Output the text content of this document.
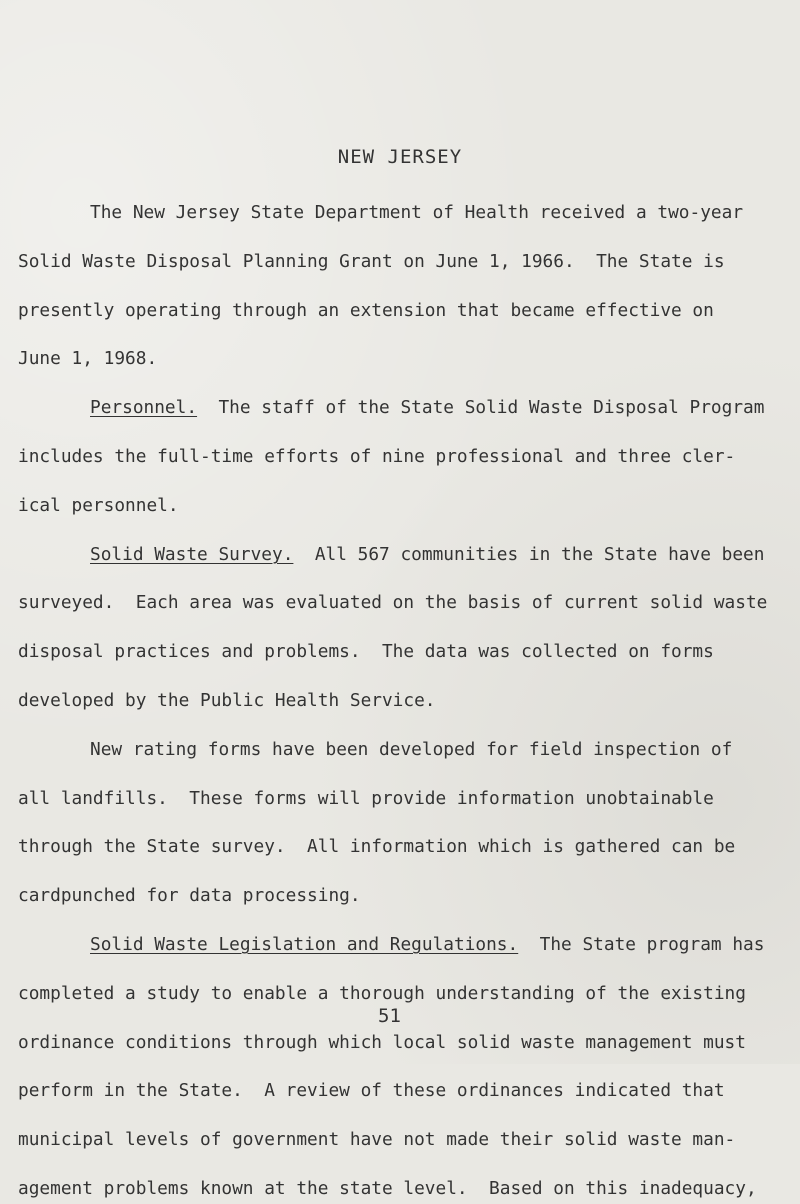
NEW JERSEY
The New Jersey State Department of Health received a two-year
Solid Waste Disposal Planning Grant on June 1, 1966.  The State is
presently operating through an extension that became effective on
June 1, 1968.
Personnel.  The staff of the State Solid Waste Disposal Program
includes the full-time efforts of nine professional and three cler-
ical personnel.
Solid Waste Survey.  All 567 communities in the State have been
surveyed.  Each area was evaluated on the basis of current solid waste
disposal practices and problems.  The data was collected on forms
developed by the Public Health Service.
New rating forms have been developed for field inspection of
all landfills.  These forms will provide information unobtainable
through the State survey.  All information which is gathered can be
cardpunched for data processing.
Solid Waste Legislation and Regulations.  The State program has
completed a study to enable a thorough understanding of the existing
ordinance conditions through which local solid waste management must
perform in the State.  A review of these ordinances indicated that
municipal levels of government have not made their solid waste man-
agement problems known at the state level.  Based on this inadequacy,
51
